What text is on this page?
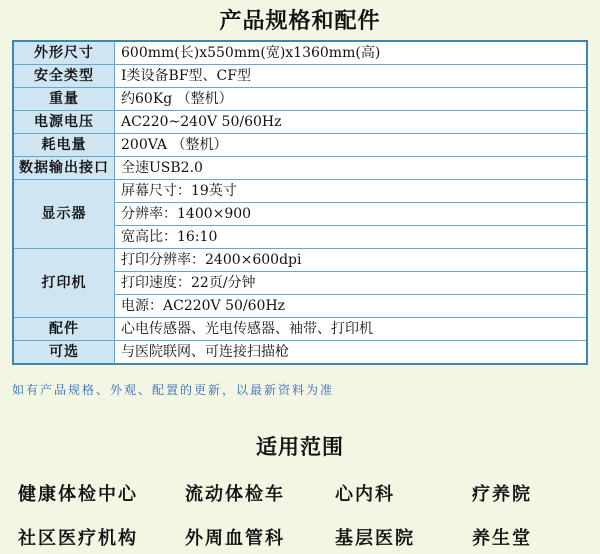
产品规格和配件
外形尺寸	600mm(长)x550mm(宽)x1360mm(高)
安全类型	I类设备BF型、CF型
重量	约60Kg （整机）
电源电压	AC220~240V 50/60Hz
耗电量	200VA （整机）
数据输出接口	全速USB2.0
显示器	屏幕尺寸：19英寸
	分辨率：1400×900
	宽高比：16:10
打印机	打印分辨率：2400×600dpi
	打印速度：22页/分钟
	电源：AC220V 50/60Hz
配件	心电传感器、光电传感器、袖带、打印机
可选	与医院联网、可连接扫描枪
如有产品规格、外观、配置的更新，以最新资料为准
适用范围
健康体检中心	流动体检车	心内科	疗养院
社区医疗机构	外周血管科	基层医院	养生堂
